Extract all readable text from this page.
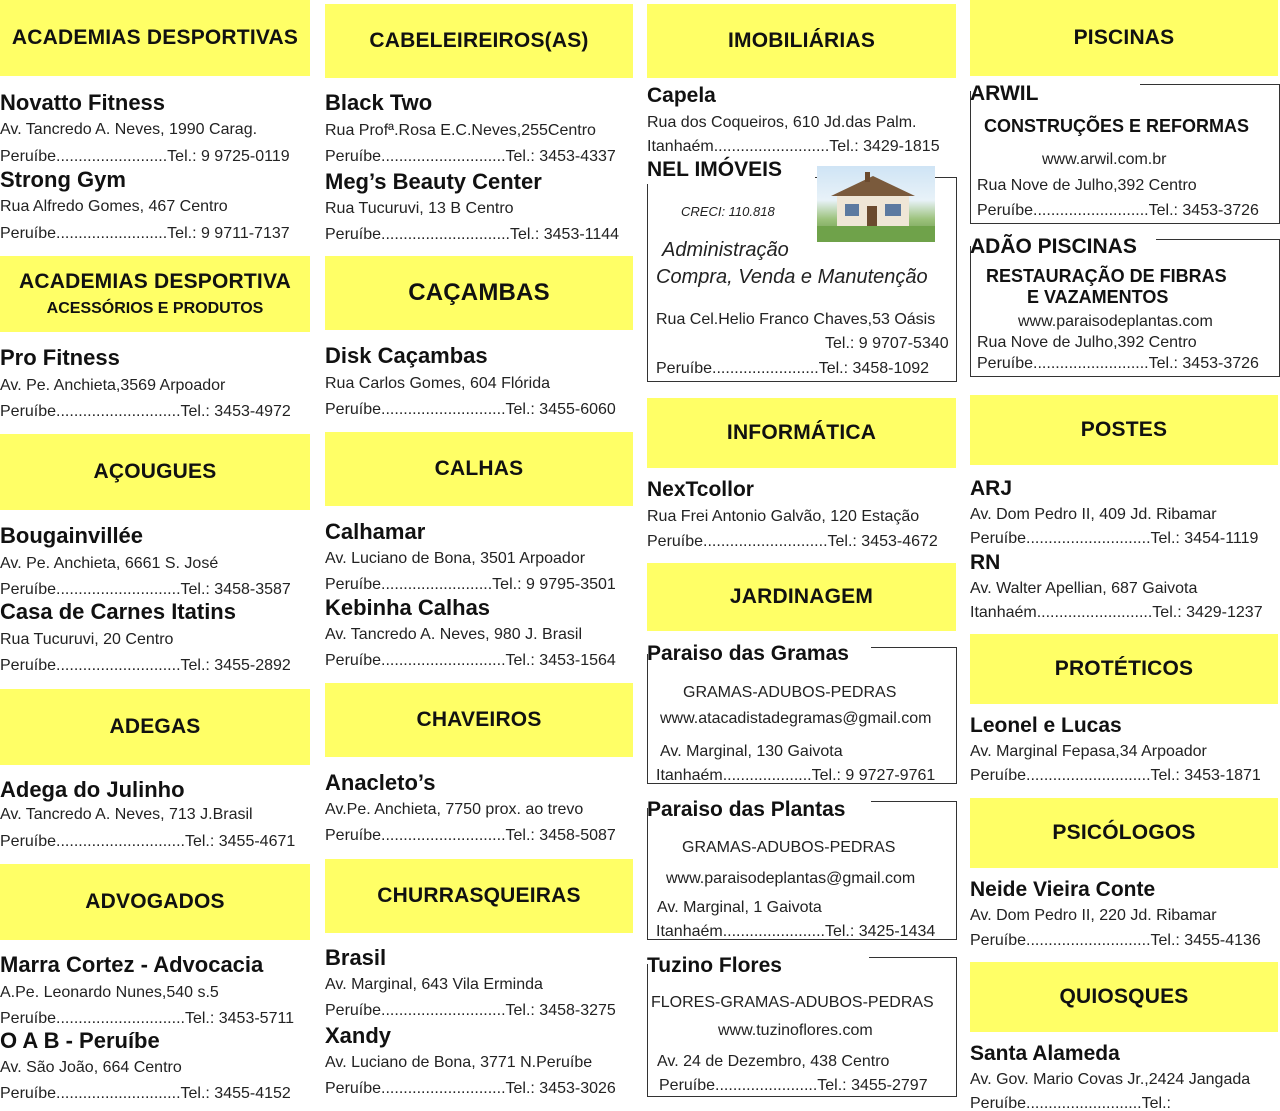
ACADEMIAS DESPORTIVAS
Novatto Fitness
Av. Tancredo A. Neves, 1990 Carag.
Peruíbe.........................Tel.: 9 9725-0119
Strong Gym
Rua Alfredo Gomes, 467 Centro
Peruíbe.........................Tel.: 9 9711-7137
ACADEMIAS DESPORTIVA
ACESSÓRIOS E PRODUTOS
Pro Fitness
Av. Pe. Anchieta,3569 Arpoador
Peruíbe............................Tel.: 3453-4972
AÇOUGUES
Bougainvillée
Av. Pe. Anchieta, 6661 S. José
Peruíbe............................Tel.: 3458-3587
Casa de Carnes Itatins
Rua Tucuruvi, 20 Centro
Peruíbe............................Tel.: 3455-2892
ADEGAS
Adega do Julinho
Av. Tancredo A. Neves, 713 J.Brasil
Peruíbe.............................Tel.: 3455-4671
ADVOGADOS
Marra Cortez - Advocacia
A.Pe. Leonardo Nunes,540 s.5
Peruíbe.............................Tel.: 3453-5711
O A B - Peruíbe
Av. São João, 664 Centro
Peruíbe............................Tel.: 3455-4152
CABELEIREIROS(AS)
Black Two
Rua Profª.Rosa E.C.Neves,255Centro
Peruíbe............................Tel.: 3453-4337
Meg’s Beauty Center
Rua Tucuruvi, 13 B Centro
Peruíbe.............................Tel.: 3453-1144
CAÇAMBAS
Disk Caçambas
Rua Carlos Gomes, 604 Flórida
Peruíbe............................Tel.: 3455-6060
CALHAS
Calhamar
Av. Luciano de Bona, 3501 Arpoador
Peruíbe.........................Tel.: 9 9795-3501
Kebinha Calhas
Av. Tancredo A. Neves, 980 J. Brasil
Peruíbe............................Tel.: 3453-1564
CHAVEIROS
Anacleto’s
Av.Pe. Anchieta, 7750 prox. ao trevo
Peruíbe............................Tel.: 3458-5087
CHURRASQUEIRAS
Brasil
Av. Marginal, 643 Vila Erminda
Peruíbe............................Tel.: 3458-3275
Xandy
Av. Luciano de Bona, 3771 N.Peruíbe
Peruíbe............................Tel.: 3453-3026
IMOBILIÁRIAS
Capela
Rua dos Coqueiros, 610 Jd.das Palm.
Itanhaém..........................Tel.: 3429-1815
NEL IMÓVEIS
CRECI: 110.818
Administração
Compra, Venda e Manutenção
Rua Cel.Helio Franco Chaves,53 Oásis
Tel.: 9 9707-5340
Peruíbe........................Tel.: 3458-1092
INFORMÁTICA
NexTcollor
Rua Frei Antonio Galvão, 120 Estação
Peruíbe............................Tel.: 3453-4672
JARDINAGEM
Paraiso das Gramas
GRAMAS-ADUBOS-PEDRAS
www.atacadistadegramas@gmail.com
Av. Marginal, 130 Gaivota
Itanhaém....................Tel.: 9 9727-9761
Paraiso das Plantas
GRAMAS-ADUBOS-PEDRAS
www.paraisodeplantas@gmail.com
Av. Marginal, 1 Gaivota
Itanhaém.......................Tel.: 3425-1434
Tuzino Flores
FLORES-GRAMAS-ADUBOS-PEDRAS
www.tuzinoflores.com
Av. 24 de Dezembro, 438 Centro
Peruíbe.......................Tel.: 3455-2797
PISCINAS
ARWIL
CONSTRUÇÕES E REFORMAS
www.arwil.com.br
Rua Nove de Julho,392 Centro
Peruíbe..........................Tel.: 3453-3726
ADÃO PISCINAS
RESTAURAÇÃO DE FIBRAS
E VAZAMENTOS
www.paraisodeplantas.com
Rua Nove de Julho,392 Centro
Peruíbe..........................Tel.: 3453-3726
POSTES
ARJ
Av. Dom Pedro II, 409 Jd. Ribamar
Peruíbe............................Tel.: 3454-1119
RN
Av. Walter Apellian, 687 Gaivota
Itanhaém..........................Tel.: 3429-1237
PROTÉTICOS
Leonel e Lucas
Av. Marginal Fepasa,34 Arpoador
Peruíbe............................Tel.: 3453-1871
PSICÓLOGOS
Neide Vieira Conte
Av. Dom Pedro II, 220 Jd. Ribamar
Peruíbe............................Tel.: 3455-4136
QUIOSQUES
Santa Alameda
Av. Gov. Mario Covas Jr.,2424 Jangada
Peruíbe..........................Tel.:
